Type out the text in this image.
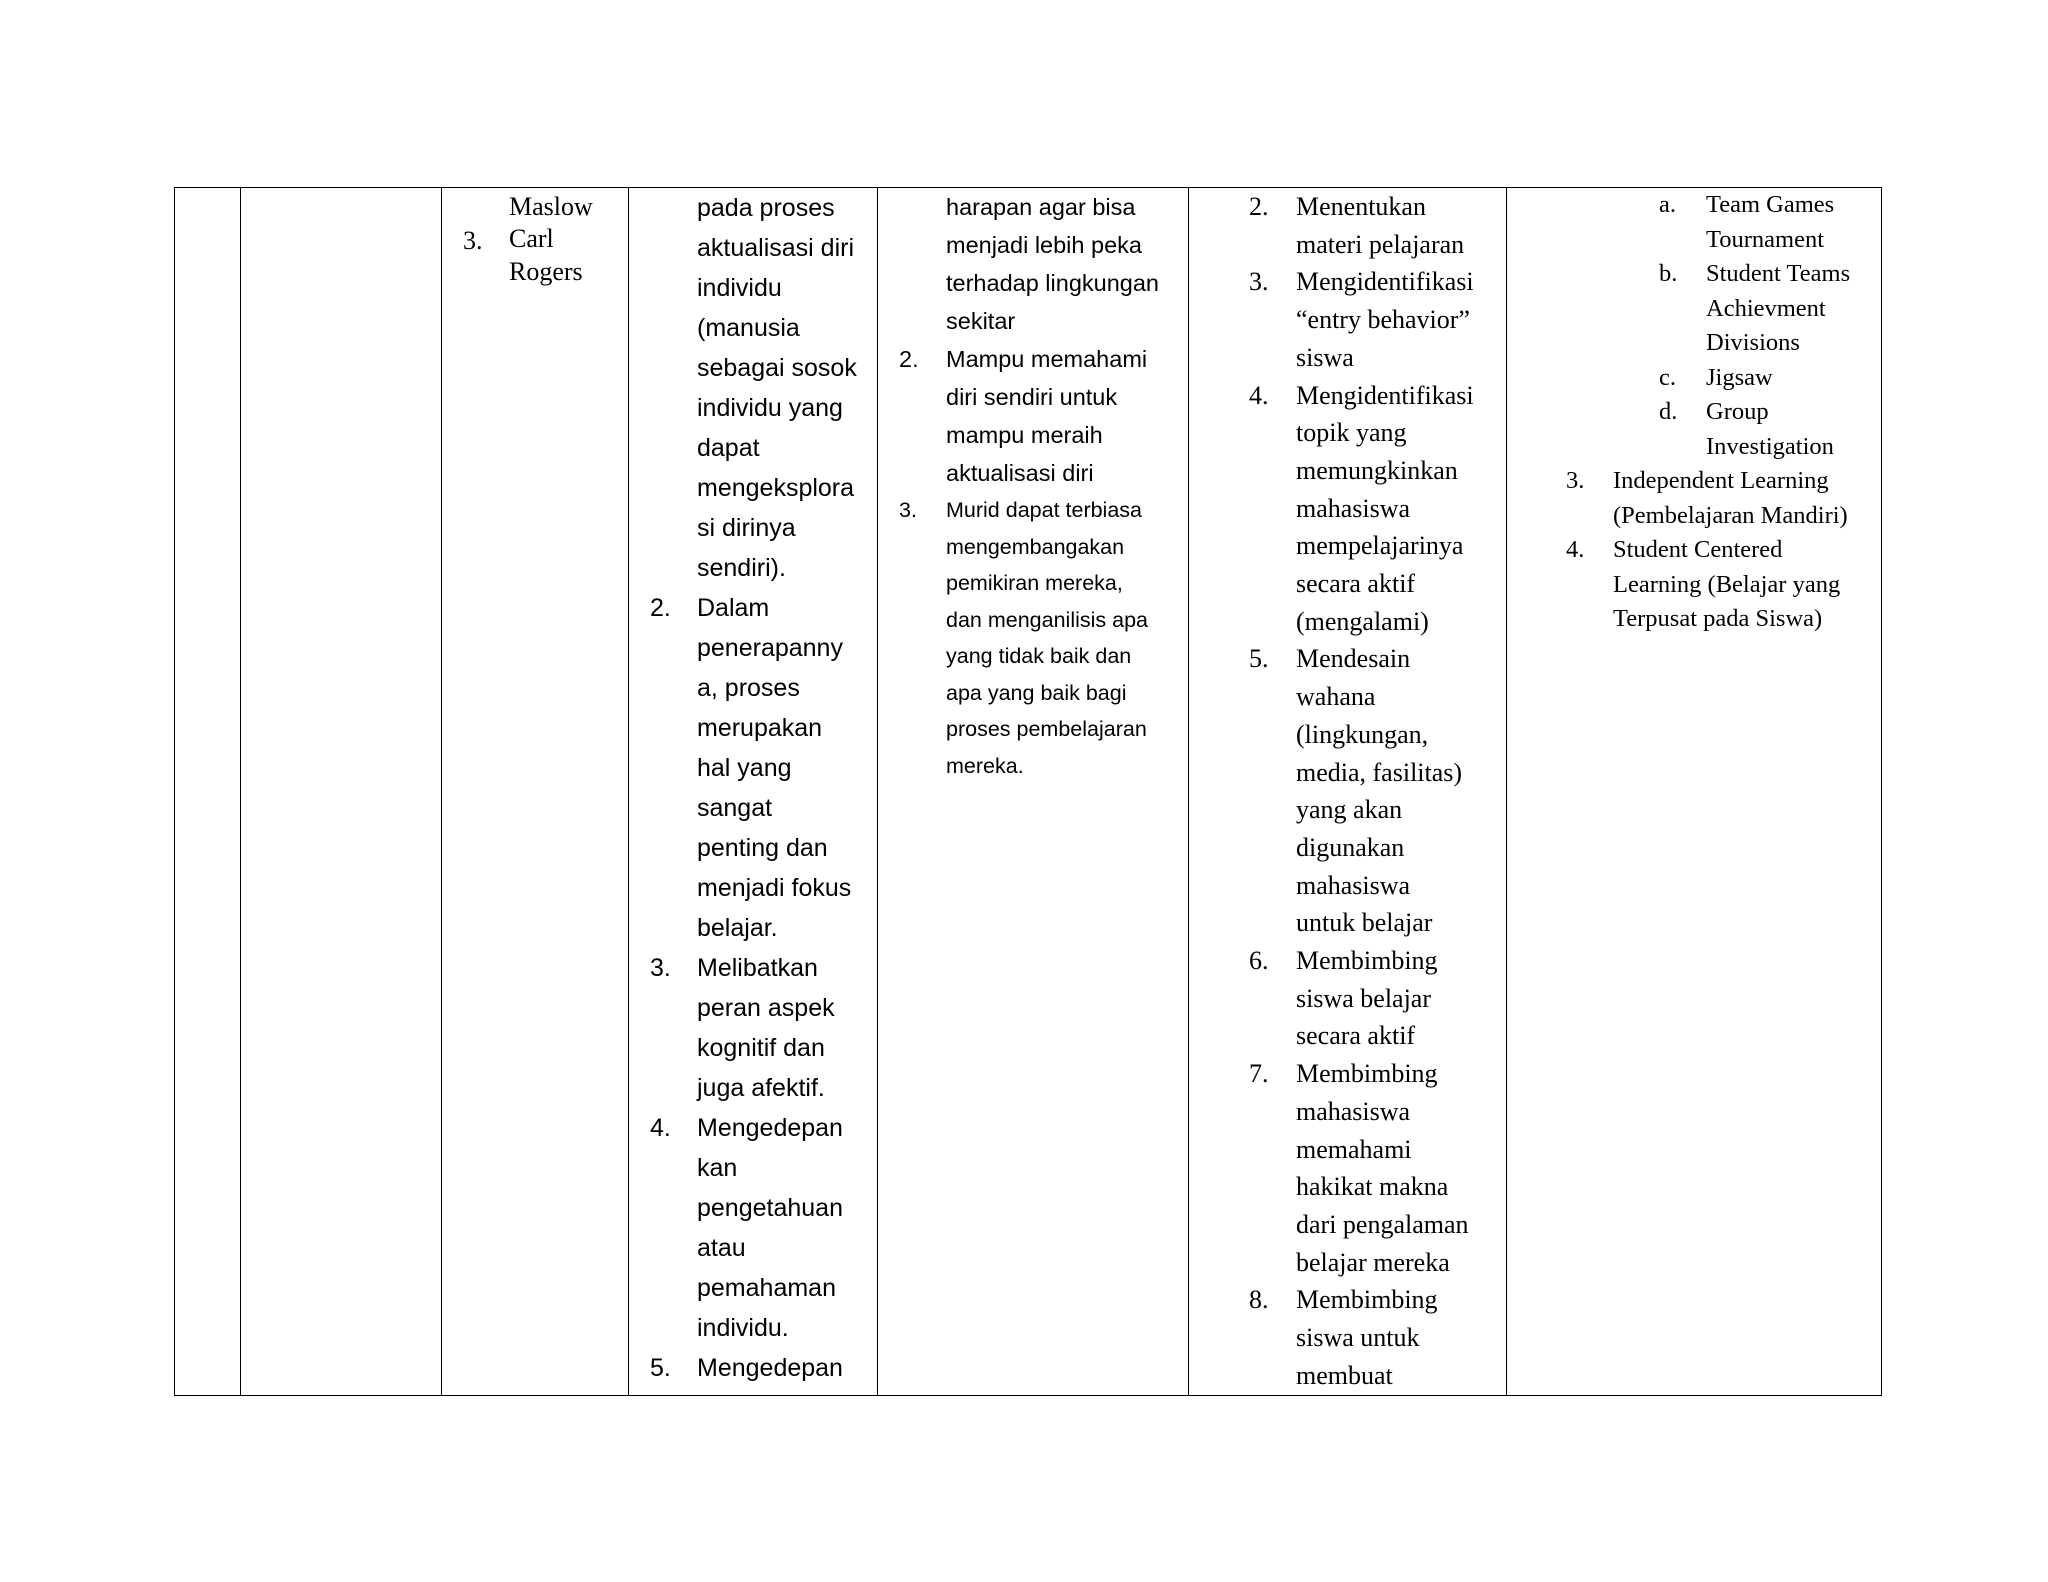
Maslow
3.	Carl
Rogers

pada proses
aktualisasi diri
individu
(manusia
sebagai sosok
individu yang
dapat
mengeksplora
si dirinya
sendiri).
2.	Dalam
penerapanny
a, proses
merupakan
hal yang
sangat
penting dan
menjadi fokus
belajar.
3.	Melibatkan
peran aspek
kognitif dan
juga afektif.
4.	Mengedepan
kan
pengetahuan
atau
pemahaman
individu.
5.	Mengedepan

harapan agar bisa
menjadi lebih peka
terhadap lingkungan
sekitar
2.	Mampu memahami
diri sendiri untuk
mampu meraih
aktualisasi diri
3.	Murid dapat terbiasa
mengembangakan
pemikiran mereka,
dan menganilisis apa
yang tidak baik dan
apa yang baik bagi
proses pembelajaran
mereka.

2.	Menentukan
materi pelajaran
3.	Mengidentifikasi
“entry behavior”
siswa
4.	Mengidentifikasi
topik yang
memungkinkan
mahasiswa
mempelajarinya
secara aktif
(mengalami)
5.	Mendesain
wahana
(lingkungan,
media, fasilitas)
yang akan
digunakan
mahasiswa
untuk belajar
6.	Membimbing
siswa belajar
secara aktif
7.	Membimbing
mahasiswa
memahami
hakikat makna
dari pengalaman
belajar mereka
8.	Membimbing
siswa untuk
membuat

a.	Team Games
Tournament
b.	Student Teams
Achievment
Divisions
c.	Jigsaw
d.	Group
Investigation
3.	Independent Learning
(Pembelajaran Mandiri)
4.	Student Centered
Learning (Belajar yang
Terpusat pada Siswa)
